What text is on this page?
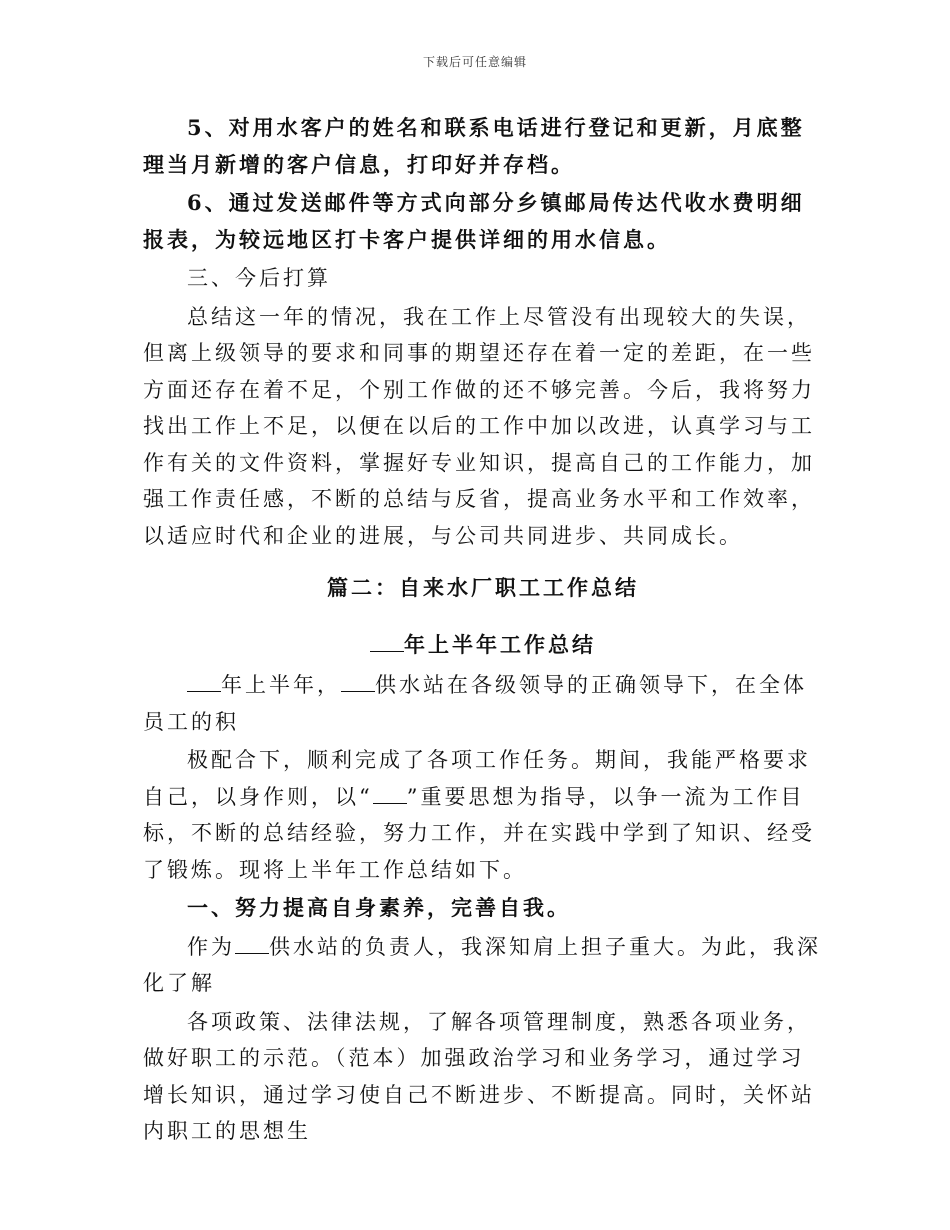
下载后可任意编辑

5、对用水客户的姓名和联系电话进行登记和更新，月底整理当月新增的客户信息，打印好并存档。

6、通过发送邮件等方式向部分乡镇邮局传达代收水费明细报表，为较远地区打卡客户提供详细的用水信息。

三、今后打算

总结这一年的情况，我在工作上尽管没有出现较大的失误，但离上级领导的要求和同事的期望还存在着一定的差距，在一些方面还存在着不足，个别工作做的还不够完善。今后，我将努力找出工作上不足，以便在以后的工作中加以改进，认真学习与工作有关的文件资料，掌握好专业知识，提高自己的工作能力，加强工作责任感，不断的总结与反省，提高业务水平和工作效率，以适应时代和企业的进展，与公司共同进步、共同成长。

篇二：自来水厂职工工作总结

年上半年工作总结

年上半年， 供水站在各级领导的正确领导下，在全体员工的积

极配合下，顺利完成了各项工作任务。期间，我能严格要求自己，以身作则，以“ ”重要思想为指导，以争一流为工作目标，不断的总结经验，努力工作，并在实践中学到了知识、经受了锻炼。现将上半年工作总结如下。

一、努力提高自身素养，完善自我。

作为 供水站的负责人，我深知肩上担子重大。为此，我深化了解

各项政策、法律法规，了解各项管理制度，熟悉各项业务，做好职工的示范。（范本）加强政治学习和业务学习，通过学习增长知识，通过学习使自己不断进步、不断提高。同时，关怀站内职工的思想生
